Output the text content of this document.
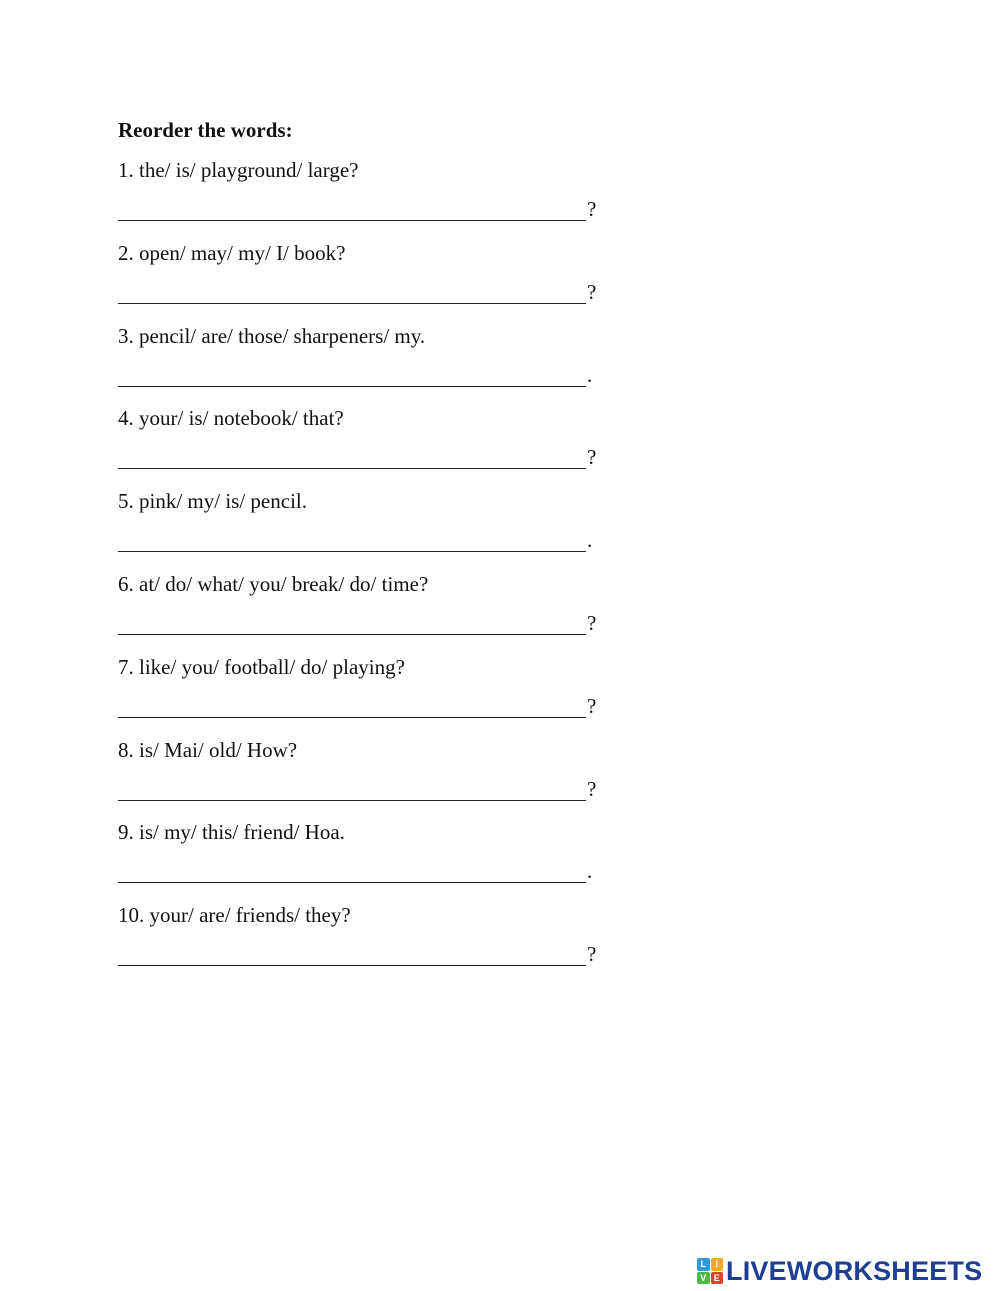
Reorder the words:
1. the/ is/ playground/ large?
?
2. open/ may/ my/ I/ book?
?
3. pencil/ are/ those/ sharpeners/ my.
.
4. your/ is/ notebook/ that?
?
5. pink/ my/ is/ pencil.
.
6. at/ do/ what/ you/ break/ do/ time?
?
7. like/ you/ football/ do/ playing?
?
8. is/ Mai/ old/ How?
?
9. is/ my/ this/ friend/ Hoa.
.
10. your/ are/ friends/ they?
?
L	I
V E LIVEWORKSHEETS
